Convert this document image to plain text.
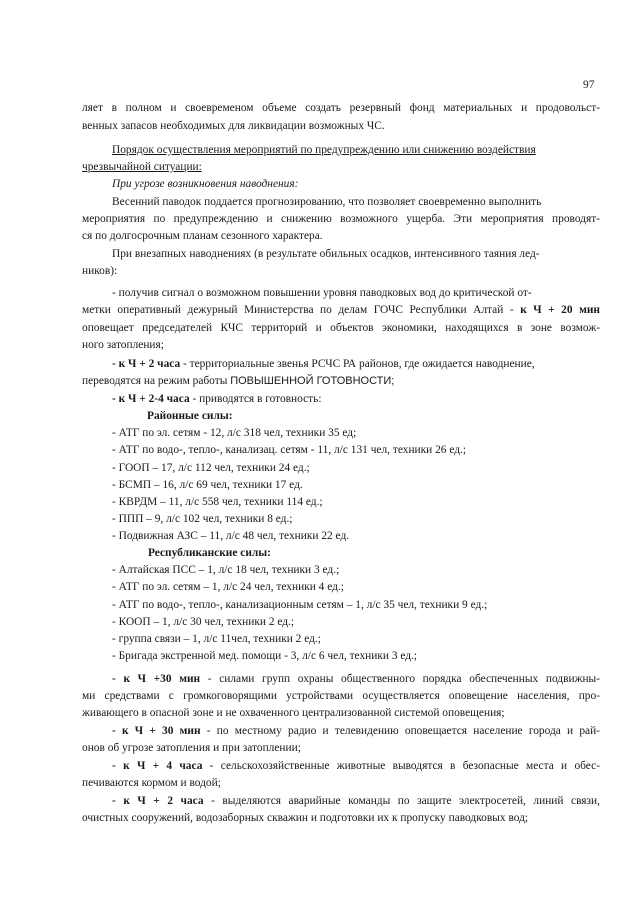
97
ляет в полном и своевременом объеме создать резервный фонд материальных и продовольст-
венных запасов необходимых для ликвидации возможных ЧС.
Порядок осуществления мероприятий по предупреждению или снижению воздействия
чрезвычайной ситуации:
При угрозе возникновения наводнения:
Весенний паводок поддается прогнозированию, что позволяет своевременно выполнить
мероприятия по предупреждению и снижению возможного ущерба. Эти мероприятия проводят-
ся по долгосрочным планам сезонного характера.
При внезапных наводнениях (в результате обильных осадков, интенсивного таяния лед-
ников):
- получив сигнал о возможном повышении уровня паводковых вод до критической от-
метки оперативный дежурный Министерства по делам ГОЧС Республики Алтай - к Ч + 20 мин
оповещает председателей КЧС территорий и объектов экономики, находящихся в зоне возмож-
ного затопления;
- к Ч + 2 часа - территориальные звенья РСЧС РА районов, где ожидается наводнение,
переводятся на режим работы ПОВЫШЕННОЙ ГОТОВНОСТИ;
- к Ч + 2-4 часа - приводятся в готовность:
Районные силы:
- АТГ по эл. сетям - 12, л/с 318 чел, техники 35 ед;
- АТГ по водо-, тепло-, канализац. сетям - 11, л/с 131 чел, техники 26 ед.;
- ГООП – 17, л/с 112 чел, техники 24 ед.;
- БСМП – 16, л/с 69 чел, техники 17 ед.
- КВРДМ – 11, л/с 558 чел, техники 114 ед.;
- ППП – 9, л/с 102 чел, техники 8 ед.;
- Подвижная АЗС – 11, л/с 48 чел, техники 22 ед.
Республиканские силы:
- Алтайская ПСС – 1, л/с 18 чел, техники 3 ед.;
- АТГ по эл. сетям – 1, л/с 24 чел, техники 4 ед.;
- АТГ по водо-, тепло-, канализационным сетям – 1, л/с 35 чел, техники 9 ед.;
- КООП – 1, л/с 30 чел, техники 2 ед.;
- группа связи – 1, л/с 11чел, техники 2 ед.;
- Бригада экстренной мед. помощи - 3, л/с 6 чел, техники 3 ед.;
- к Ч +30 мин - силами групп охраны общественного порядка обеспеченных подвижны-
ми средствами с громкоговорящими устройствами осуществляется оповещение населения, про-
живающего в опасной зоне и не охваченного централизованной системой оповещения;
- к Ч + 30 мин - по местному радио и телевидению оповещается население города и рай-
онов об угрозе затопления и при затоплении;
- к Ч + 4 часа - сельскохозяйственные животные выводятся в безопасные места и обес-
печиваются кормом и водой;
- к Ч + 2 часа - выделяются аварийные команды по защите электросетей, линий связи,
очистных сооружений, водозаборных скважин и подготовки их к пропуску паводковых вод;
